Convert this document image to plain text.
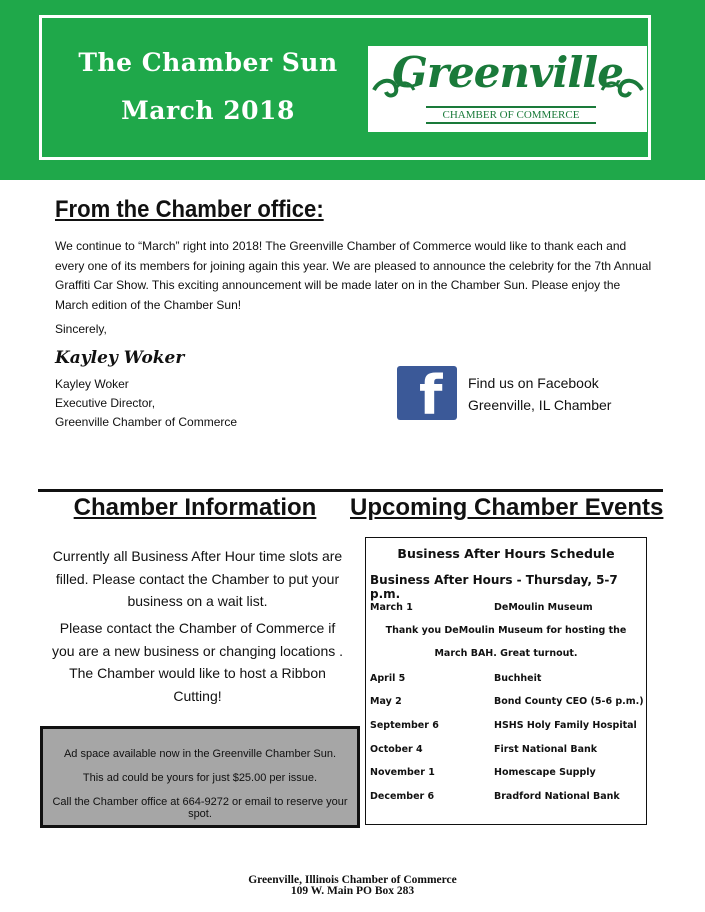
The Chamber Sun
March 2018
Greenville
CHAMBER OF COMMERCE
From the Chamber office:
We continue to “March” right into 2018! The Greenville Chamber of Commerce would like to thank each and every one of its members for joining again this year. We are pleased to announce the celebrity for the 7th Annual Graffiti Car Show. This exciting announcement will be made later on in the Chamber Sun. Please enjoy the March edition of the Chamber Sun!
Sincerely,
Kayley Woker
Kayley Woker
Executive Director,
Greenville Chamber of Commerce	f Find us on Facebook
Greenville, IL Chamber
Chamber Information
Currently all Business After Hour time slots are filled. Please contact the Chamber to put your business on a wait list.
Please contact the Chamber of Commerce if you are a new business or changing locations . The Chamber would like to host a Ribbon Cutting!
Ad space available now in the Greenville Chamber Sun.
This ad could be yours for just $25.00 per issue.
Call the Chamber office at 664-9272 or email to reserve your spot.
Upcoming Chamber Events
Business After Hours Schedule
Business After Hours - Thursday, 5-7 p.m.
March 1	DeMoulin Museum
Thank you DeMoulin Museum for hosting the
March BAH. Great turnout.
April 5	Buchheit
May 2	Bond County CEO (5-6 p.m.)
September 6	HSHS Holy Family Hospital
October 4	First National Bank
November 1	Homescape Supply
December 6	Bradford National Bank
Greenville, Illinois Chamber of Commerce
109 W. Main PO Box 283
